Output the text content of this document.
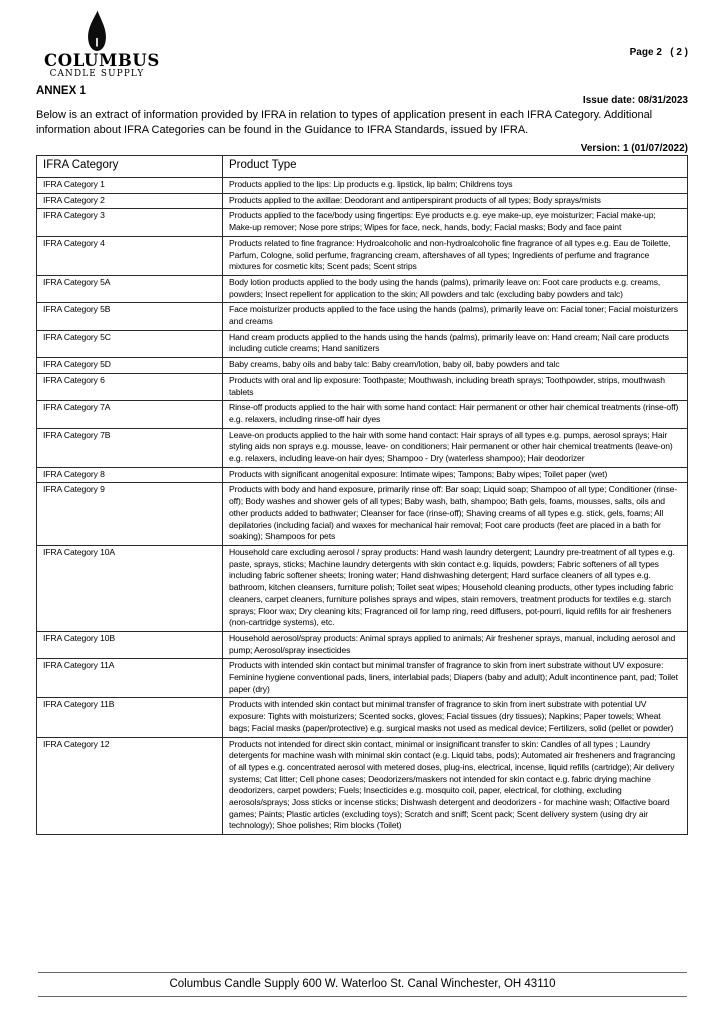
COLUMBUS
CANDLE SUPPLY

Page 2   ( 2 )

Issue date: 08/31/2023

Version: 1 (01/07/2022)

ANNEX 1
Below is an extract of information provided by IFRA in relation to types of application present in each IFRA Category. Additional information about IFRA Categories can be found in the Guidance to IFRA Standards, issued by IFRA.
IFRA Category	Product Type
IFRA Category 1	Products applied to the lips: Lip products e.g. lipstick, lip balm; Childrens toys
IFRA Category 2	Products applied to the axillae: Deodorant and antiperspirant products of all types; Body sprays/mists
IFRA Category 3	Products applied to the face/body using fingertips: Eye products e.g. eye make-up, eye moisturizer; Facial make-up; Make-up remover; Nose pore strips; Wipes for face, neck, hands, body; Facial masks; Body and face paint
IFRA Category 4	Products related to fine fragrance: Hydroalcoholic and non-hydroalcoholic fine fragrance of all types e.g. Eau de Toilette, Parfum, Cologne, solid perfume, fragrancing cream, aftershaves of all types; Ingredients of perfume and fragrance mixtures for cosmetic kits; Scent pads; Scent strips
IFRA Category 5A	Body lotion products applied to the body using the hands (palms), primarily leave on: Foot care products e.g. creams, powders; Insect repellent for application to the skin; All powders and talc (excluding baby powders and talc)
IFRA Category 5B	Face moisturizer products applied to the face using the hands (palms), primarily leave on: Facial toner; Facial moisturizers and creams
IFRA Category 5C	Hand cream products applied to the hands using the hands (palms), primarily leave on: Hand cream; Nail care products including cuticle creams; Hand sanitizers
IFRA Category 5D	Baby creams, baby oils and baby talc: Baby cream/lotion, baby oil, baby powders and talc
IFRA Category 6	Products with oral and lip exposure: Toothpaste; Mouthwash, including breath sprays; Toothpowder, strips, mouthwash tablets
IFRA Category 7A	Rinse-off products applied to the hair with some hand contact: Hair permanent or other hair chemical treatments (rinse-off) e.g. relaxers, including rinse-off hair dyes
IFRA Category 7B	Leave-on products applied to the hair with some hand contact: Hair sprays of all types e.g. pumps, aerosol sprays; Hair styling aids non sprays e.g. mousse, leave- on conditioners; Hair permanent or other hair chemical treatments (leave-on) e.g. relaxers, including leave-on hair dyes; Shampoo - Dry (waterless shampoo); Hair deodorizer
IFRA Category 8	Products with significant anogenital exposure: Intimate wipes; Tampons; Baby wipes; Toilet paper (wet)
IFRA Category 9	Products with body and hand exposure, primarily rinse off: Bar soap; Liquid soap; Shampoo of all type; Conditioner (rinse-off); Body washes and shower gels of all types; Baby wash, bath, shampoo; Bath gels, foams, mousses, salts, oils and other products added to bathwater; Cleanser for face (rinse-off); Shaving creams of all types e.g. stick, gels, foams; All depilatories (including facial) and waxes for mechanical hair removal; Foot care products (feet are placed in a bath for soaking); Shampoos for pets
IFRA Category 10A	Household care excluding aerosol / spray products: Hand wash laundry detergent; Laundry pre-treatment of all types e.g. paste, sprays, sticks; Machine laundry detergents with skin contact e.g. liquids, powders; Fabric softeners of all types including fabric softener sheets; Ironing water; Hand dishwashing detergent; Hard surface cleaners of all types e.g. bathroom, kitchen cleansers, furniture polish; Toilet seat wipes; Household cleaning products, other types including fabric cleaners, carpet cleaners, furniture polishes sprays and wipes, stain removers, treatment products for textiles e.g. starch sprays; Floor wax; Dry cleaning kits; Fragranced oil for lamp ring, reed diffusers, pot-pourri, liquid refills for air fresheners (non-cartridge systems), etc.
IFRA Category 10B	Household aerosol/spray products: Animal sprays applied to animals; Air freshener sprays, manual, including aerosol and pump; Aerosol/spray insecticides
IFRA Category 11A	Products with intended skin contact but minimal transfer of fragrance to skin from inert substrate without UV exposure: Feminine hygiene conventional pads, liners, interlabial pads; Diapers (baby and adult); Adult incontinence pant, pad; Toilet paper (dry)
IFRA Category 11B	Products with intended skin contact but minimal transfer of fragrance to skin from inert substrate with potential UV exposure: Tights with moisturizers; Scented socks, gloves; Facial tissues (dry tissues); Napkins; Paper towels; Wheat bags; Facial masks (paper/protective) e.g. surgical masks not used as medical device; Fertilizers, solid (pellet or powder)
IFRA Category 12	Products not intended for direct skin contact, minimal or insignificant transfer to skin: Candles of all types ; Laundry detergents for machine wash with minimal skin contact (e.g. Liquid tabs, pods); Automated air fresheners and fragrancing of all types e.g. concentrated aerosol with metered doses, plug-ins, electrical, incense, liquid refills (cartridge); Air delivery systems; Cat litter; Cell phone cases; Deodorizers/maskers not intended for skin contact e.g. fabric drying machine deodorizers, carpet powders; Fuels; Insecticides e.g. mosquito coil, paper, electrical, for clothing, excluding aerosols/sprays; Joss sticks or incense sticks; Dishwash detergent and deodorizers - for machine wash; Olfactive board games; Paints; Plastic articles (excluding toys); Scratch and sniff; Scent pack; Scent delivery system (using dry air technology); Shoe polishes; Rim blocks (Toilet)
Columbus Candle Supply 600 W. Waterloo St. Canal Winchester, OH 43110
